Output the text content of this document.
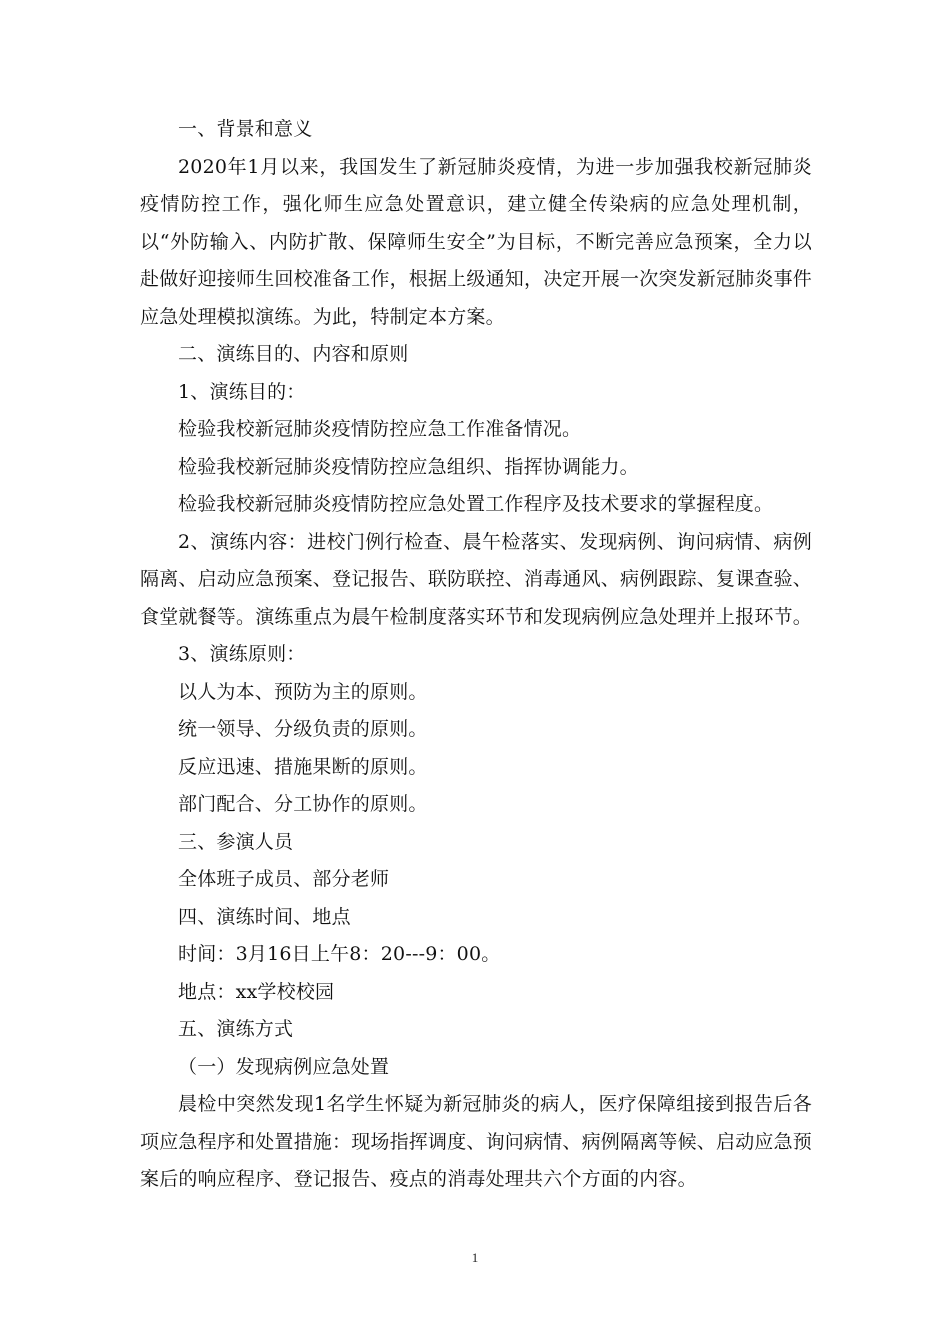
一、背景和意义

2020年1月以来，我国发生了新冠肺炎疫情，为进一步加强我校新冠肺炎疫情防控工作，强化师生应急处置意识，建立健全传染病的应急处理机制，以“外防输入、内防扩散、保障师生安全”为目标，不断完善应急预案，全力以赴做好迎接师生回校准备工作，根据上级通知，决定开展一次突发新冠肺炎事件应急处理模拟演练。为此，特制定本方案。

二、演练目的、内容和原则

1、演练目的：

检验我校新冠肺炎疫情防控应急工作准备情况。

检验我校新冠肺炎疫情防控应急组织、指挥协调能力。

检验我校新冠肺炎疫情防控应急处置工作程序及技术要求的掌握程度。

2、演练内容：进校门例行检查、晨午检落实、发现病例、询问病情、病例隔离、启动应急预案、登记报告、联防联控、消毒通风、病例跟踪、复课查验、食堂就餐等。演练重点为晨午检制度落实环节和发现病例应急处理并上报环节。

3、演练原则：

以人为本、预防为主的原则。

统一领导、分级负责的原则。

反应迅速、措施果断的原则。

部门配合、分工协作的原则。

三、参演人员

全体班子成员、部分老师

四、演练时间、地点

时间：3月16日上午8：20---9：00。

地点：xx学校校园

五、演练方式

（一）发现病例应急处置

晨检中突然发现1名学生怀疑为新冠肺炎的病人，医疗保障组接到报告后各项应急程序和处置措施：现场指挥调度、询问病情、病例隔离等候、启动应急预案后的响应程序、登记报告、疫点的消毒处理共六个方面的内容。

1
